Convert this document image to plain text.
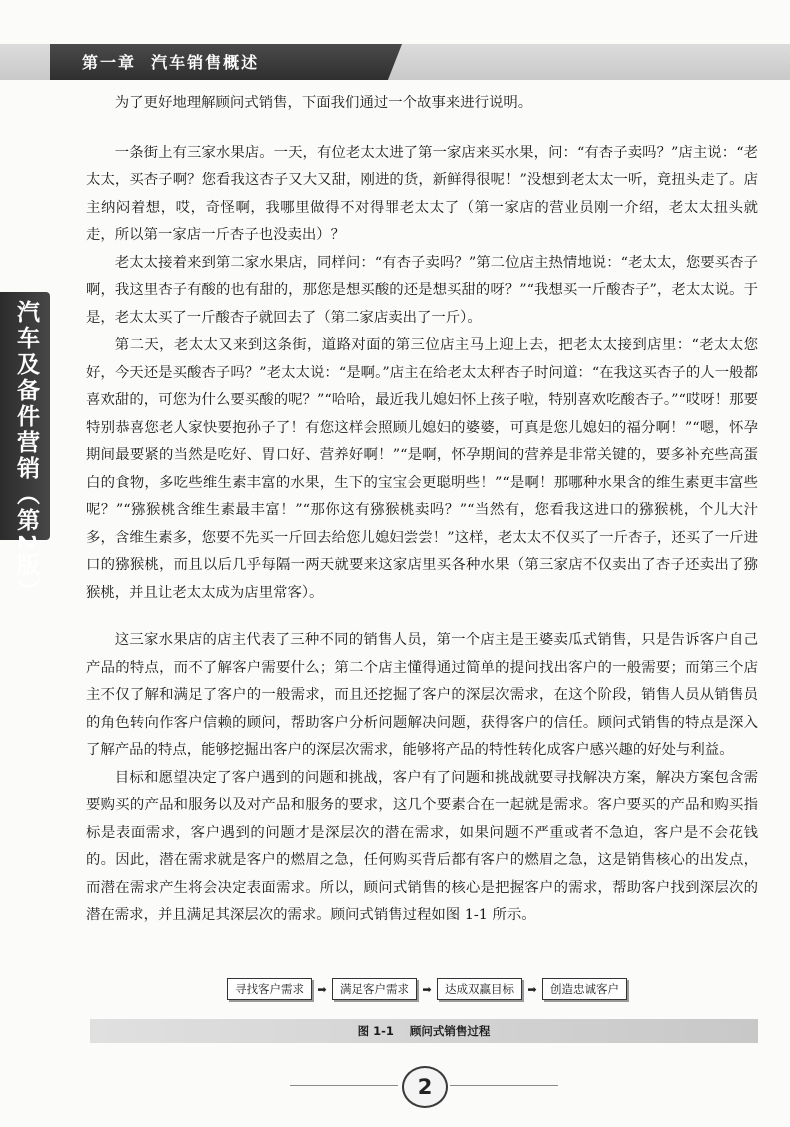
第一章 汽车销售概述
汽车及备件营销（第2版）

为了更好地理解顾问式销售，下面我们通过一个故事来进行说明。

一条街上有三家水果店。一天，有位老太太进了第一家店来买水果，问：“有杏子卖吗？”店主说：“老太太，买杏子啊？您看我这杏子又大又甜，刚进的货，新鲜得很呢！”没想到老太太一听，竟扭头走了。店主纳闷着想，哎，奇怪啊，我哪里做得不对得罪老太太了（第一家店的营业员刚一介绍，老太太扭头就走，所以第一家店一斤杏子也没卖出）？

老太太接着来到第二家水果店，同样问：“有杏子卖吗？”第二位店主热情地说：“老太太，您要买杏子啊，我这里杏子有酸的也有甜的，那您是想买酸的还是想买甜的呀？”“我想买一斤酸杏子”，老太太说。于是，老太太买了一斤酸杏子就回去了（第二家店卖出了一斤）。

第二天，老太太又来到这条街，道路对面的第三位店主马上迎上去，把老太太接到店里：“老太太您好，今天还是买酸杏子吗？”老太太说：“是啊。”店主在给老太太秤杏子时问道：“在我这买杏子的人一般都喜欢甜的，可您为什么要买酸的呢？”“哈哈，最近我儿媳妇怀上孩子啦，特别喜欢吃酸杏子。”“哎呀！那要特别恭喜您老人家快要抱孙子了！有您这样会照顾儿媳妇的婆婆，可真是您儿媳妇的福分啊！”“嗯，怀孕期间最要紧的当然是吃好、胃口好、营养好啊！”“是啊，怀孕期间的营养是非常关键的，要多补充些高蛋白的食物，多吃些维生素丰富的水果，生下的宝宝会更聪明些！”“是啊！那哪种水果含的维生素更丰富些呢？”“猕猴桃含维生素最丰富！”“那你这有猕猴桃卖吗？”“当然有，您看我这进口的猕猴桃，个儿大汁多，含维生素多，您要不先买一斤回去给您儿媳妇尝尝！”这样，老太太不仅买了一斤杏子，还买了一斤进口的猕猴桃，而且以后几乎每隔一两天就要来这家店里买各种水果（第三家店不仅卖出了杏子还卖出了猕猴桃，并且让老太太成为店里常客）。

这三家水果店的店主代表了三种不同的销售人员，第一个店主是王婆卖瓜式销售，只是告诉客户自己产品的特点，而不了解客户需要什么；第二个店主懂得通过简单的提问找出客户的一般需要；而第三个店主不仅了解和满足了客户的一般需求，而且还挖掘了客户的深层次需求，在这个阶段，销售人员从销售员的角色转向作客户信赖的顾问，帮助客户分析问题解决问题，获得客户的信任。顾问式销售的特点是深入了解产品的特点，能够挖掘出客户的深层次需求，能够将产品的特性转化成客户感兴趣的好处与利益。

目标和愿望决定了客户遇到的问题和挑战，客户有了问题和挑战就要寻找解决方案，解决方案包含需要购买的产品和服务以及对产品和服务的要求，这几个要素合在一起就是需求。客户要买的产品和购买指标是表面需求，客户遇到的问题才是深层次的潜在需求，如果问题不严重或者不急迫，客户是不会花钱的。因此，潜在需求就是客户的燃眉之急，任何购买背后都有客户的燃眉之急，这是销售核心的出发点，而潜在需求产生将会决定表面需求。所以，顾问式销售的核心是把握客户的需求，帮助客户找到深层次的潜在需求，并且满足其深层次的需求。顾问式销售过程如图 1-1 所示。

寻找客户需求	➡	满足客户需求	➡	达成双赢目标	➡	创造忠诚客户
图 1-1 顾问式销售过程
2
